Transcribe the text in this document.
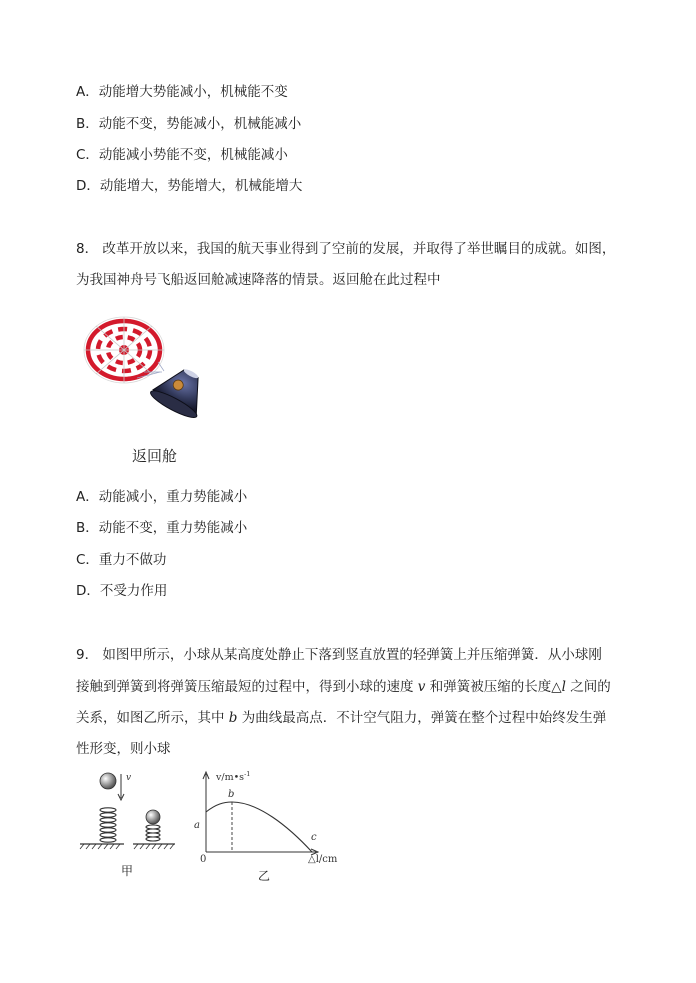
A．动能增大势能减小，机械能不变
B．动能不变，势能减小，机械能减小
C．动能减小势能不变，机械能减小
D．动能增大，势能增大，机械能增大
8． 改革开放以来，我国的航天事业得到了空前的发展，并取得了举世瞩目的成就。如图，
为我国神舟号飞船返回舱减速降落的情景。返回舱在此过程中
返回舱
A．动能减小，重力势能减小
B．动能不变，重力势能减小
C．重力不做功
D．不受力作用
9． 如图甲所示，小球从某高度处静止下落到竖直放置的轻弹簧上并压缩弹簧．从小球刚
接触到弹簧到将弹簧压缩最短的过程中，得到小球的速度 v 和弹簧被压缩的长度△l 之间的
关系，如图乙所示，其中 b 为曲线最高点．不计空气阻力，弹簧在整个过程中始终发生弹
性形变，则小球
v
甲
$v/m•s^{-1}$
b
a
c
0	△l/cm
乙
